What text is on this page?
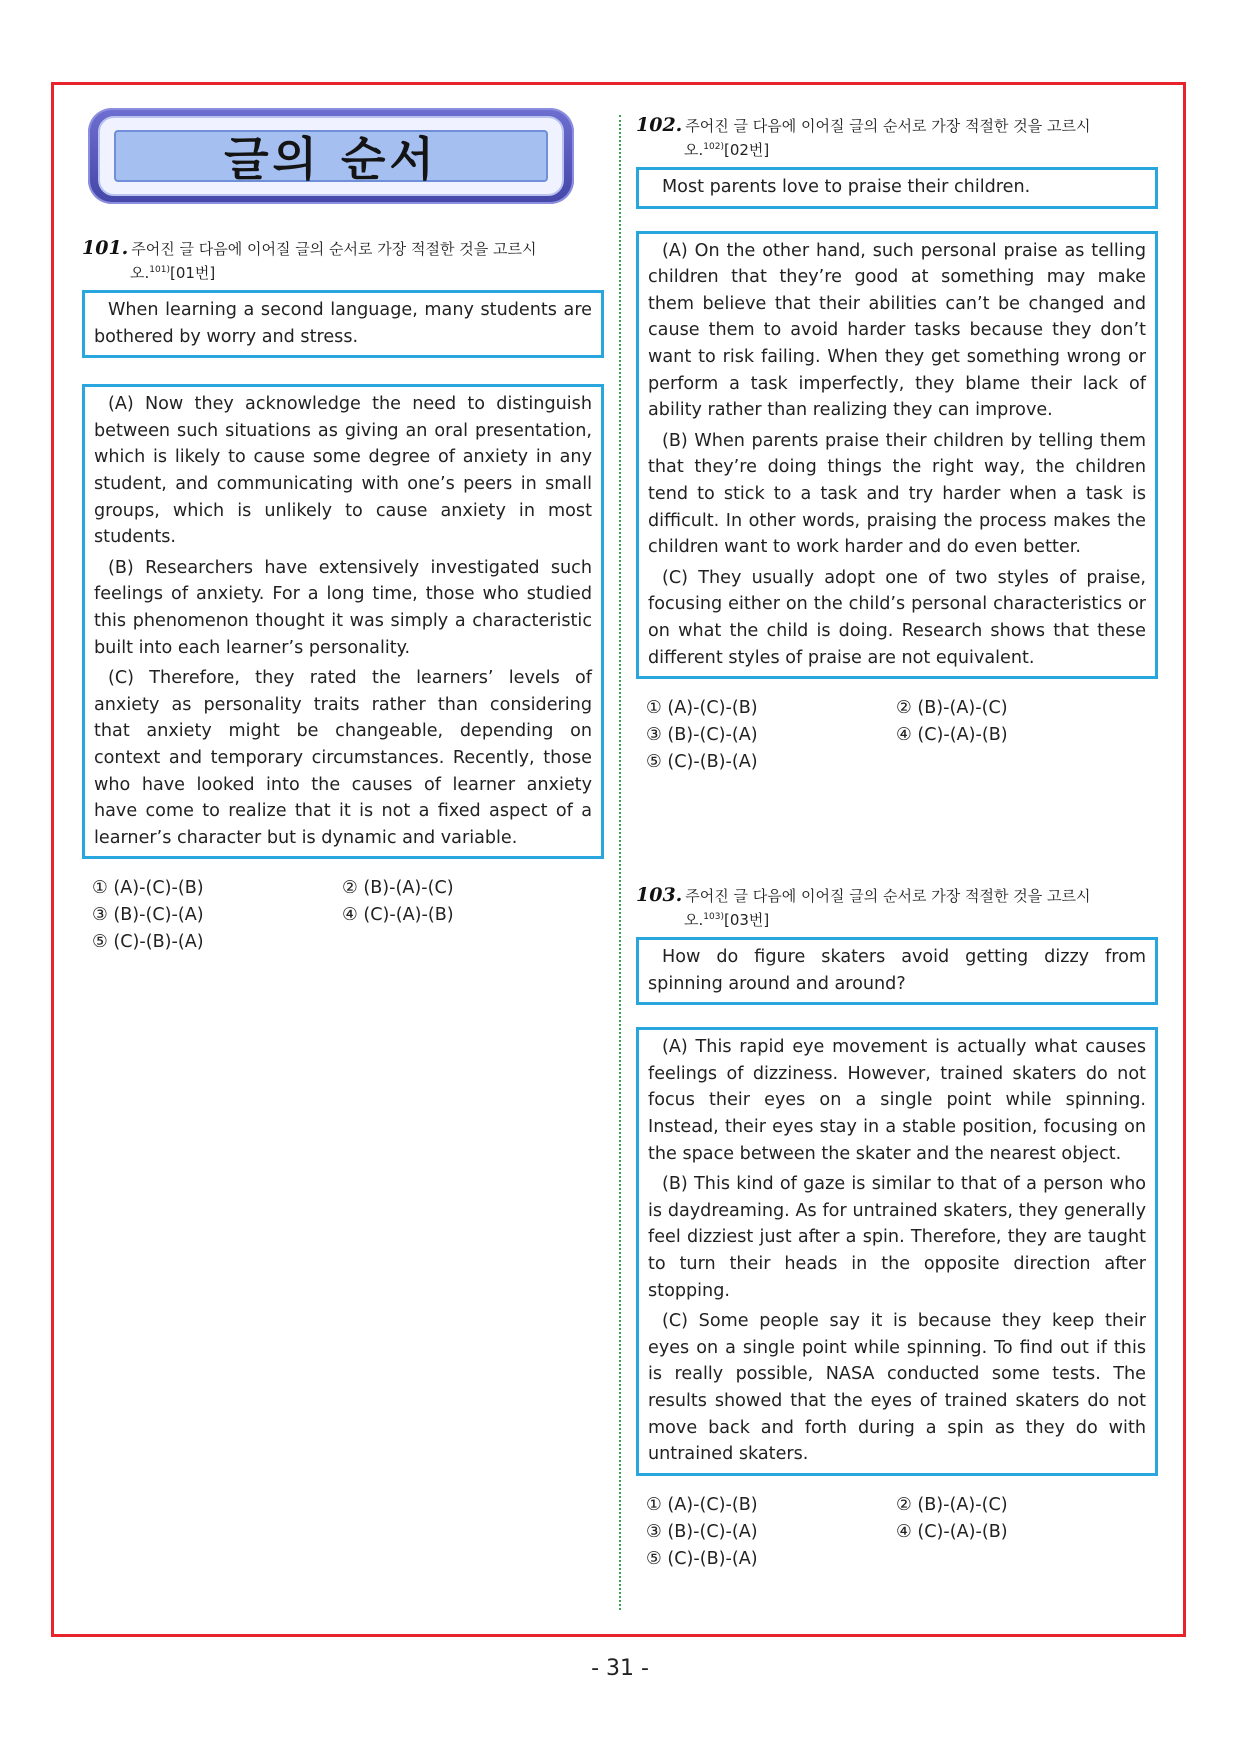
글의 순서
101. 주어진 글 다음에 이어질 글의 순서로 가장 적절한 것을 고르시
오.$^{101)}$[01번]

When learning a second language, many students are bothered by worry and stress.

(A) Now they acknowledge the need to distinguish between such situations as giving an oral presentation, which is likely to cause some degree of anxiety in any student, and communicating with one’s peers in small groups, which is unlikely to cause anxiety in most students.

(B) Researchers have extensively investigated such feelings of anxiety. For a long time, those who studied this phenomenon thought it was simply a characteristic built into each learner’s personality.

(C) Therefore, they rated the learners’ levels of anxiety as personality traits rather than considering that anxiety might be changeable, depending on context and temporary circumstances. Recently, those who have looked into the causes of learner anxiety have come to realize that it is not a fixed aspect of a learner’s character but is dynamic and variable.

① (A)-(C)-(B)	② (B)-(A)-(C)
③ (B)-(C)-(A)	④ (C)-(A)-(B)
⑤ (C)-(B)-(A)
102. 주어진 글 다음에 이어질 글의 순서로 가장 적절한 것을 고르시
오.$^{102)}$[02번]

Most parents love to praise their children.

(A) On the other hand, such personal praise as telling children that they’re good at something may make them believe that their abilities can’t be changed and cause them to avoid harder tasks because they don’t want to risk failing. When they get something wrong or perform a task imperfectly, they blame their lack of ability rather than realizing they can improve.

(B) When parents praise their children by telling them that they’re doing things the right way, the children tend to stick to a task and try harder when a task is difficult. In other words, praising the process makes the children want to work harder and do even better.

(C) They usually adopt one of two styles of praise, focusing either on the child’s personal characteristics or on what the child is doing. Research shows that these different styles of praise are not equivalent.

① (A)-(C)-(B)	② (B)-(A)-(C)
③ (B)-(C)-(A)	④ (C)-(A)-(B)
⑤ (C)-(B)-(A)
103. 주어진 글 다음에 이어질 글의 순서로 가장 적절한 것을 고르시
오.$^{103)}$[03번]

How do figure skaters avoid getting dizzy from spinning around and around?

(A) This rapid eye movement is actually what causes feelings of dizziness. However, trained skaters do not focus their eyes on a single point while spinning. Instead, their eyes stay in a stable position, focusing on the space between the skater and the nearest object.

(B) This kind of gaze is similar to that of a person who is daydreaming. As for untrained skaters, they generally feel dizziest just after a spin. Therefore, they are taught to turn their heads in the opposite direction after stopping.

(C) Some people say it is because they keep their eyes on a single point while spinning. To find out if this is really possible, NASA conducted some tests. The results showed that the eyes of trained skaters do not move back and forth during a spin as they do with untrained skaters.

① (A)-(C)-(B)	② (B)-(A)-(C)
③ (B)-(C)-(A)	④ (C)-(A)-(B)
⑤ (C)-(B)-(A)
- 31 -
